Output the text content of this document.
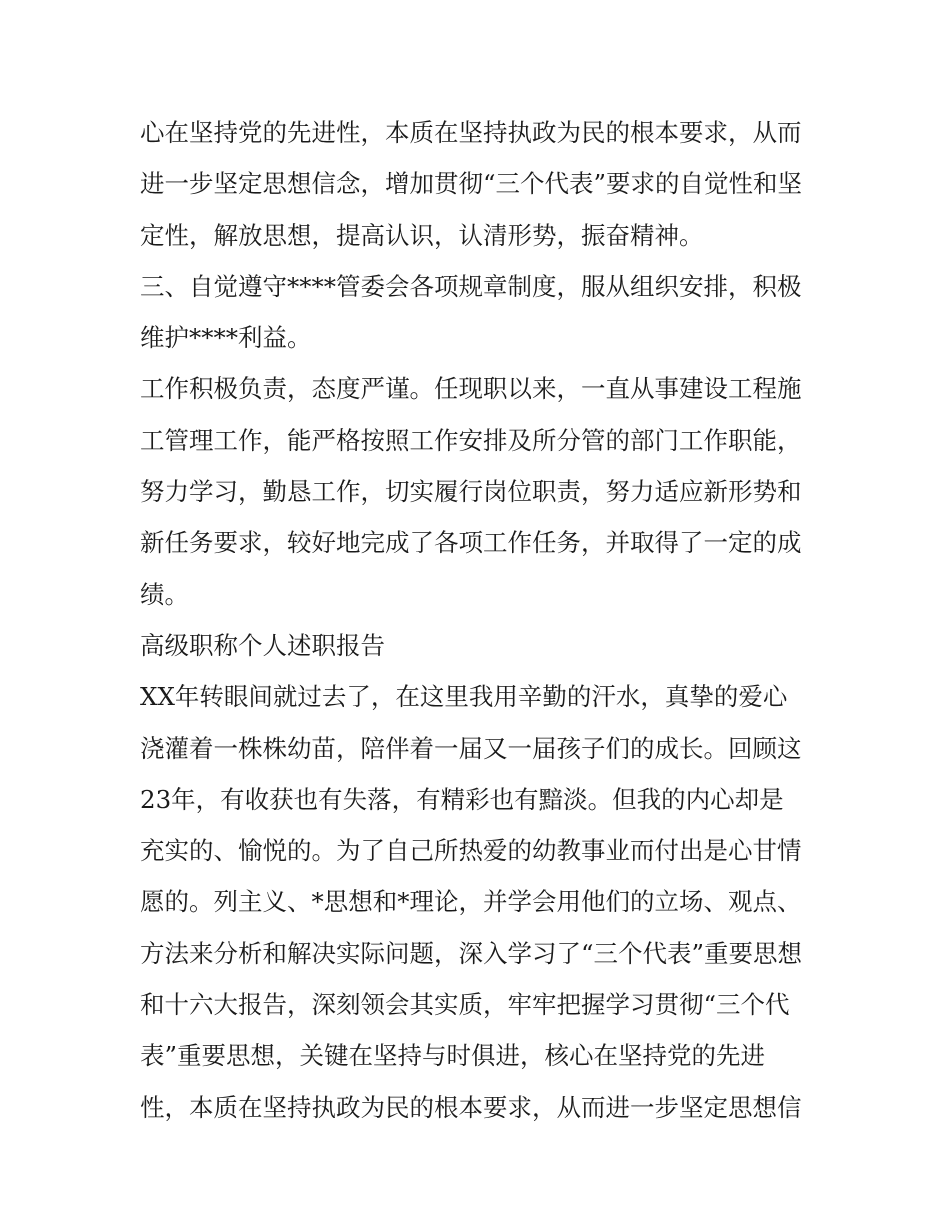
心在坚持党的先进性，本质在坚持执政为民的根本要求，从而
进一步坚定思想信念，增加贯彻“三个代表”要求的自觉性和坚
定性，解放思想，提高认识，认清形势，振奋精神。
三、自觉遵守****管委会各项规章制度，服从组织安排，积极
维护****利益。
工作积极负责，态度严谨。任现职以来，一直从事建设工程施
工管理工作，能严格按照工作安排及所分管的部门工作职能，
努力学习，勤恳工作，切实履行岗位职责，努力适应新形势和
新任务要求，较好地完成了各项工作任务，并取得了一定的成
绩。
高级职称个人述职报告
XX年转眼间就过去了，在这里我用辛勤的汗水，真挚的爱心
浇灌着一株株幼苗，陪伴着一届又一届孩子们的成长。回顾这
23年，有收获也有失落，有精彩也有黯淡。但我的内心却是
充实的、愉悦的。为了自己所热爱的幼教事业而付出是心甘情
愿的。列主义、*思想和*理论，并学会用他们的立场、观点、
方法来分析和解决实际问题，深入学习了“三个代表”重要思想
和十六大报告，深刻领会其实质，牢牢把握学习贯彻“三个代
表”重要思想，关键在坚持与时俱进，核心在坚持党的先进
性，本质在坚持执政为民的根本要求，从而进一步坚定思想信
